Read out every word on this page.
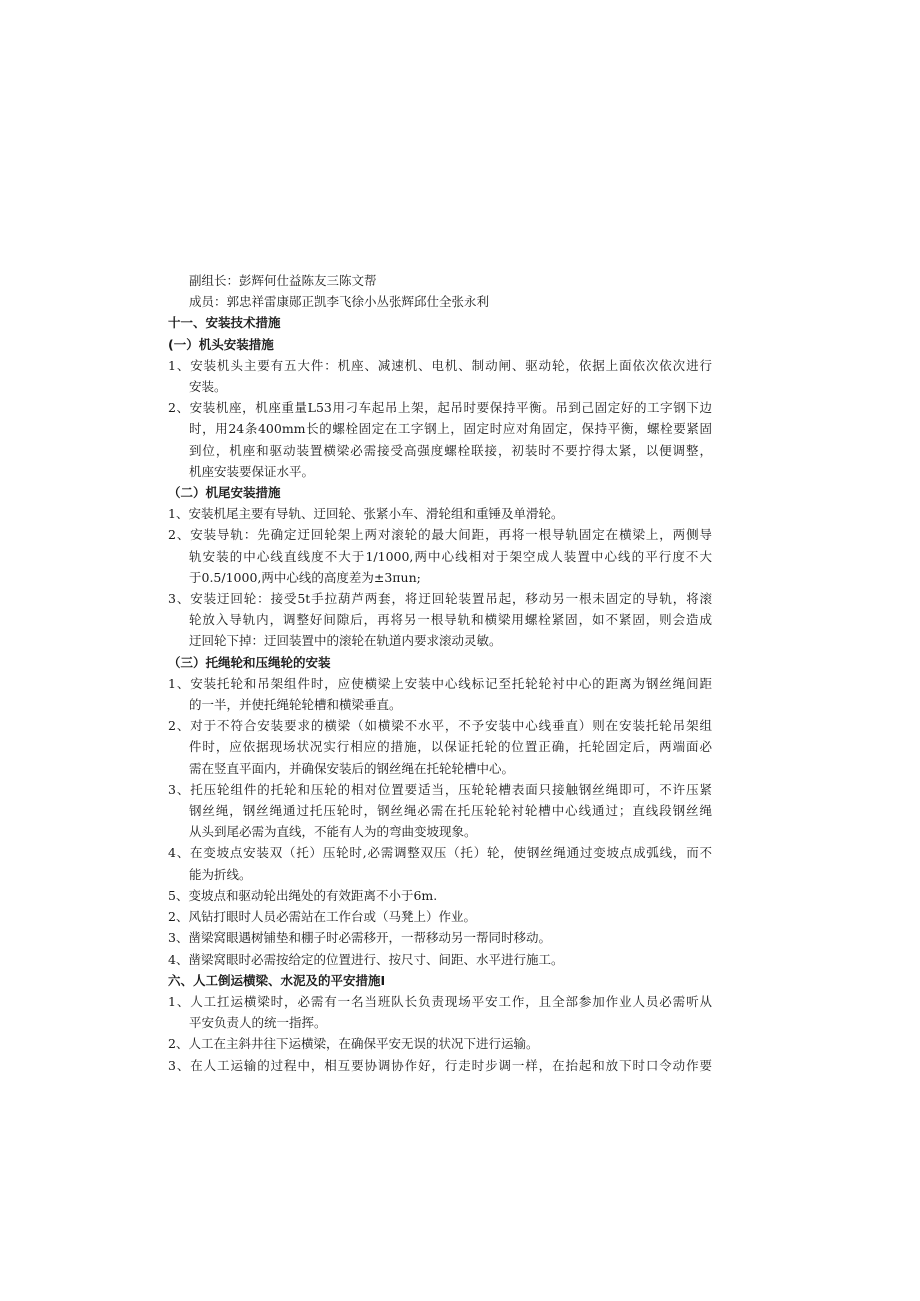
副组长：彭辉何仕益陈友三陈文帮
成员：郭忠祥雷康郧正凯李飞徐小丛张辉邱仕全张永利
十一、安装技术措施
(一）机头安装措施
1、安装机头主要有五大件：机座、减速机、电机、制动闸、驱动轮，依据上面依次依次进行
安装。
2、安装机座，机座重量L53用刁车起吊上架，起吊时要保持平衡。吊到己固定好的工字钢下边
时，用24条400mm长的螺栓固定在工字钢上，固定时应对角固定，保持平衡，螺栓要紧固
到位，机座和驱动装置横梁必需接受高强度螺栓联接，初装时不要拧得太紧，以便调整，
机座安装要保证水平。
（二）机尾安装措施
1、安装机尾主要有导轨、迂回轮、张紧小车、滑轮组和重锤及单滑轮。
2、安装导轨：先确定迂回轮架上两对滚轮的最大间距，再将一根导轨固定在横梁上，两侧导
轨安装的中心线直线度不大于1/1000,两中心线相对于架空成人装置中心线的平行度不大
于0.5/1000,两中心线的高度差为±3πun;
3、安装迂回轮：接受5t手拉葫芦两套，将迂回轮装置吊起，移动另一根未固定的导轨，将滚
轮放入导轨内，调整好间隙后，再将另一根导轨和横梁用螺栓紧固，如不紧固，则会造成
迂回轮下掉：迂回装置中的滚轮在轨道内要求滚动灵敏。
（三）托绳轮和压绳轮的安装
1、安装托轮和吊架组件时，应使横梁上安装中心线标记至托轮轮衬中心的距离为钢丝绳间距
的一半，并使托绳轮轮槽和横梁垂直。
2、对于不符合安装要求的横梁（如横梁不水平，不予安装中心线垂直）则在安装托轮吊架组
件时，应依据现场状况实行相应的措施，以保证托轮的位置正确，托轮固定后，两端面必
需在竖直平面内，并确保安装后的钢丝绳在托轮轮槽中心。
3、托压轮组件的托轮和压轮的相对位置要适当，压轮轮槽表面只接触钢丝绳即可，不许压紧
钢丝绳，钢丝绳通过托压轮时，钢丝绳必需在托压轮轮衬轮槽中心线通过；直线段钢丝绳
从头到尾必需为直线，不能有人为的弯曲变坡现象。
4、在变坡点安装双（托）压轮时,必需调整双压（托）轮，使钢丝绳通过变坡点成弧线，而不
能为折线。
5、变坡点和驱动轮出绳处的有效距离不小于6m.
2、风钻打眼时人员必需站在工作台或（马凳上）作业。
3、凿梁窝眼遇树铺垫和棚子时必需移开，一帮移动另一帮同时移动。
4、凿梁窝眼时必需按给定的位置进行、按尺寸、间距、水平进行施工。
六、人工倒运横梁、水泥及的平安措施I
1、人工扛运横梁时，必需有一名当班队长负责现场平安工作，且全部参加作业人员必需听从
平安负责人的统一指挥。
2、人工在主斜井往下运横梁，在确保平安无误的状况下进行运输。
3、在人工运输的过程中，相互要协调协作好，行走时步调一样，在抬起和放下时口令动作要
